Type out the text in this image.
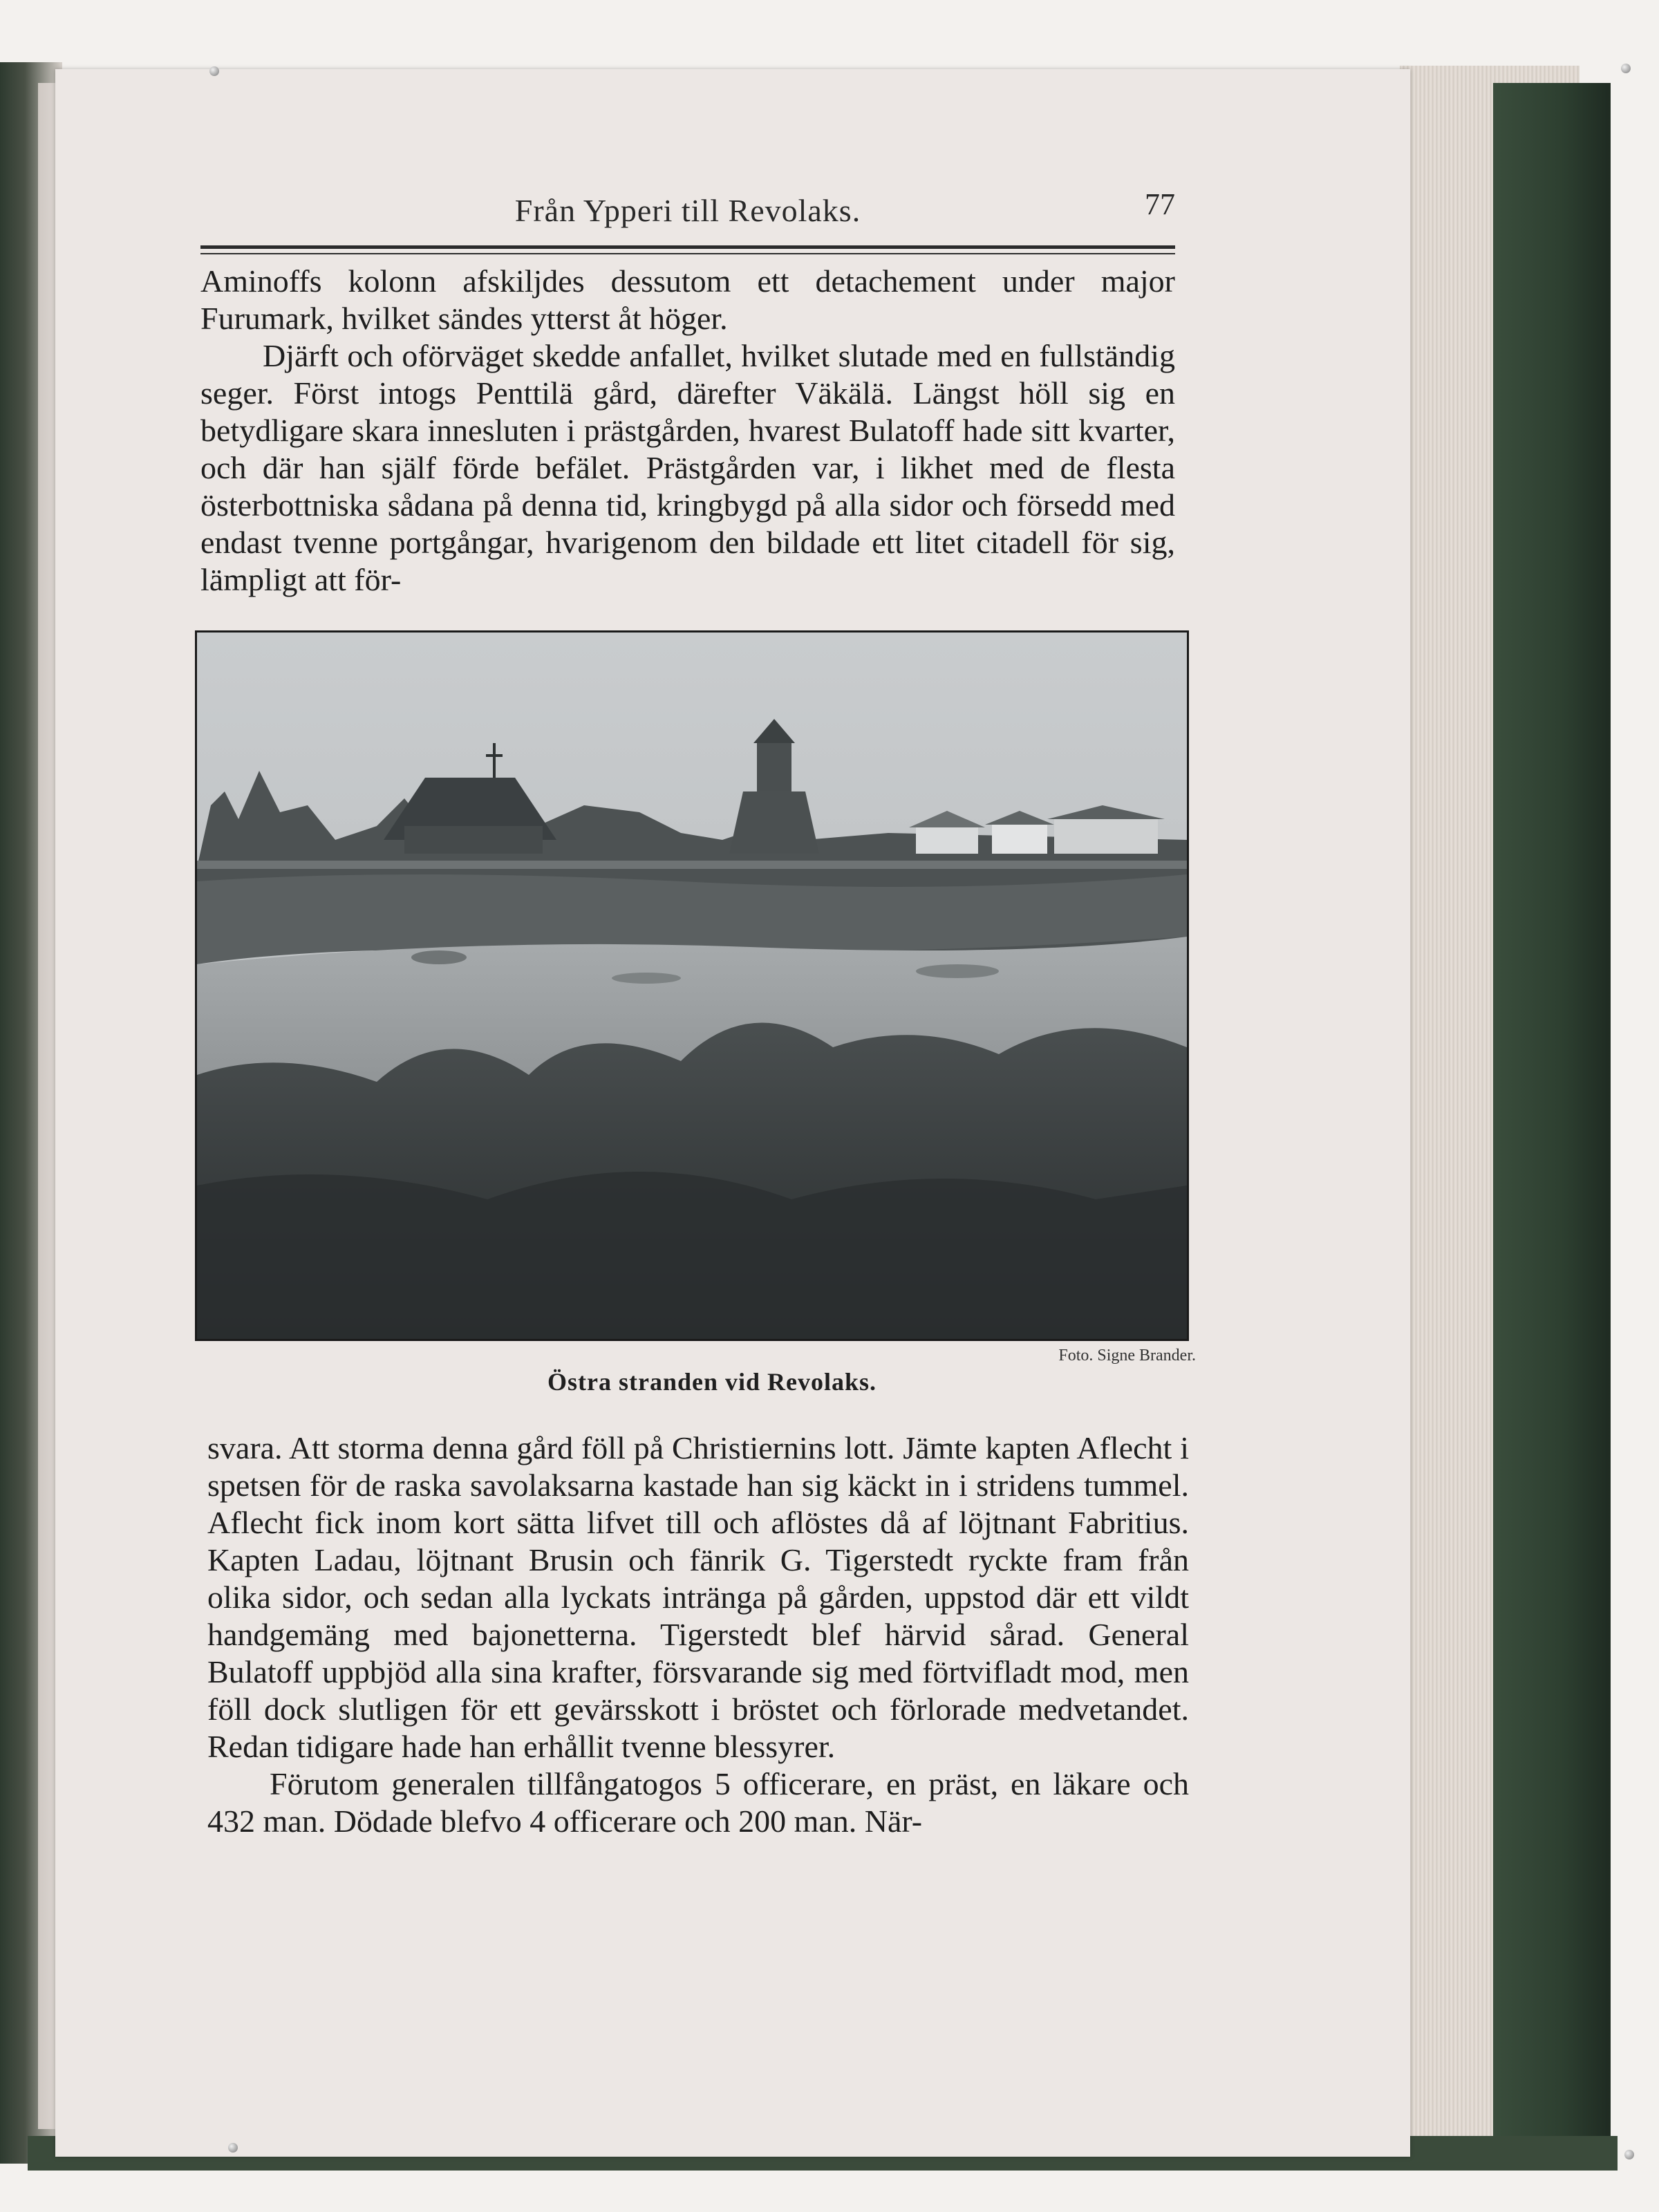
Från Ypperi till Revolaks.	77

Aminoffs kolonn afskiljdes dessutom ett detachement under major Furumark, hvilket sändes ytterst åt höger.

Djärft och oförväget skedde anfallet, hvilket slutade med en fullständig seger. Först intogs Penttilä gård, därefter Väkälä. Längst höll sig en betydligare skara innesluten i prästgården, hvarest Bulatoff hade sitt kvarter, och där han själf förde befälet. Prästgården var, i likhet med de flesta österbottniska sådana på denna tid, kringbygd på alla sidor och försedd med endast tvenne portgångar, hvarigenom den bildade ett litet citadell för sig, lämpligt att för-

Foto. Signe Brander.
Östra stranden vid Revolaks.

svara. Att storma denna gård föll på Christiernins lott. Jämte kapten Aflecht i spetsen för de raska savolaksarna kastade han sig käckt in i stridens tummel. Aflecht fick inom kort sätta lifvet till och aflöstes då af löjtnant Fabritius. Kapten Ladau, löjtnant Brusin och fänrik G. Tigerstedt ryckte fram från olika sidor, och sedan alla lyckats intränga på gården, uppstod där ett vildt handgemäng med bajonetterna. Tigerstedt blef härvid sårad. General Bulatoff uppbjöd alla sina krafter, försvarande sig med förtvifladt mod, men föll dock slutligen för ett gevärsskott i bröstet och förlorade medvetandet. Redan tidigare hade han erhållit tvenne blessyrer.

Förutom generalen tillfångatogos 5 officerare, en präst, en läkare och 432 man. Dödade blefvo 4 officerare och 200 man. När-
